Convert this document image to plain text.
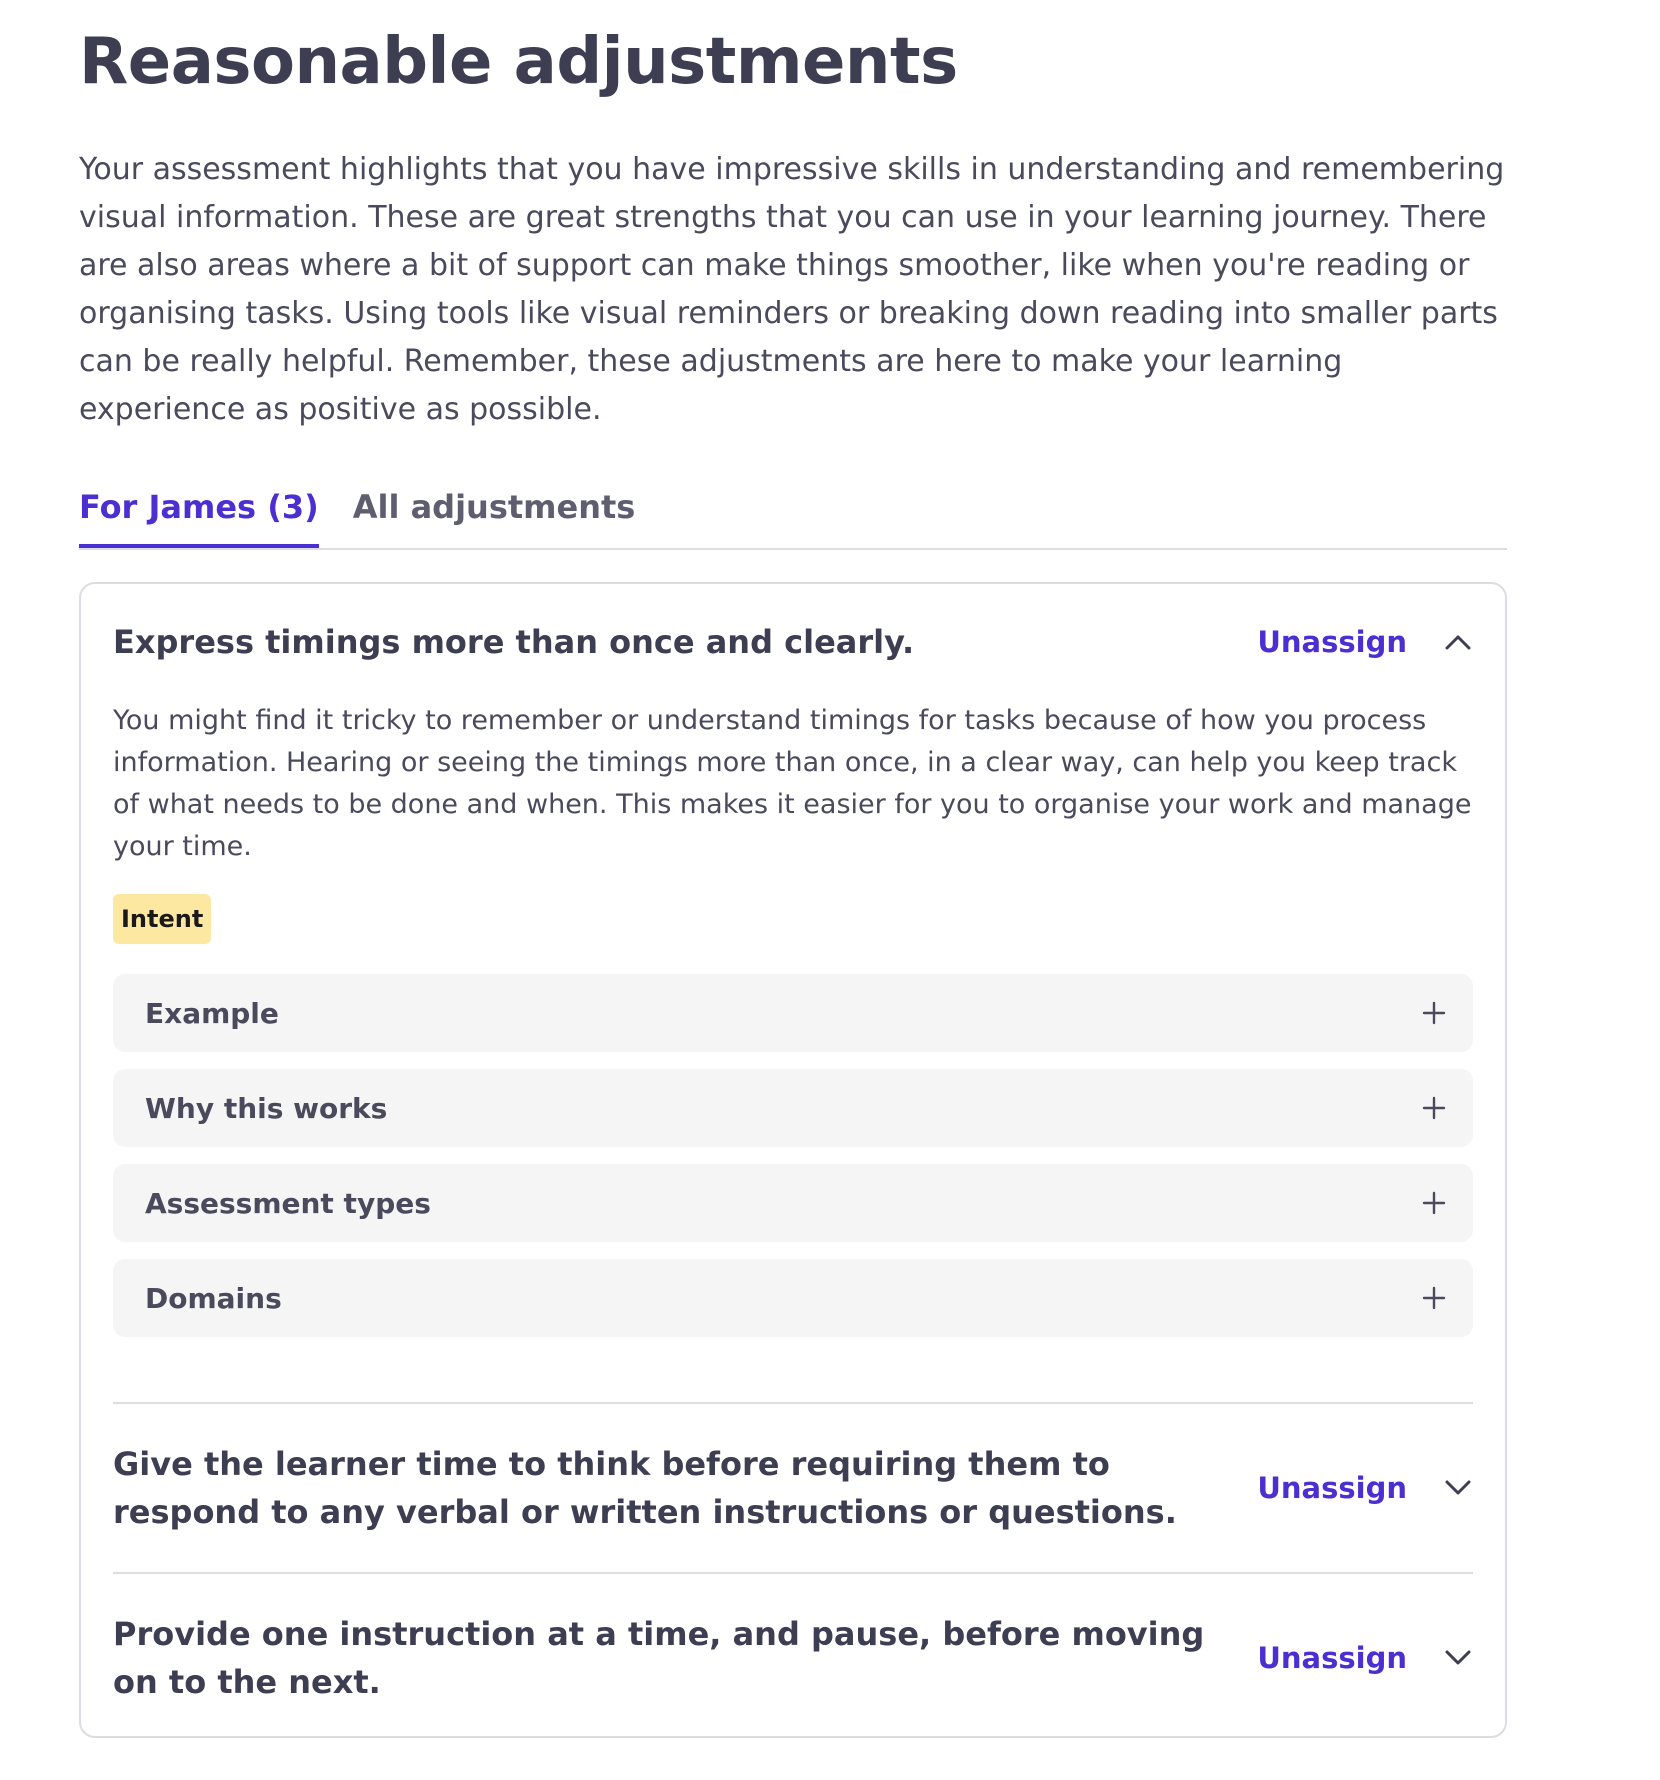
Reasonable adjustments

Your assessment highlights that you have impressive skills in understanding and remembering visual information. These are great strengths that you can use in your learning journey. There are also areas where a bit of support can make things smoother, like when you're reading or organising tasks. Using tools like visual reminders or breaking down reading into smaller parts can be really helpful. Remember, these adjustments are here to make your learning experience as positive as possible.

For James (3) All adjustments
Express timings more than once and clearly.	Unassign

You might find it tricky to remember or understand timings for tasks because of how you process information. Hearing or seeing the timings more than once, in a clear way, can help you keep track of what needs to be done and when. This makes it easier for you to organise your work and manage your time.

Intent
Example
Why this works
Assessment types
Domains
Give the learner time to think before requiring them to respond to any verbal or written instructions or questions.
Unassign
Provide one instruction at a time, and pause, before moving on to the next.
Unassign
